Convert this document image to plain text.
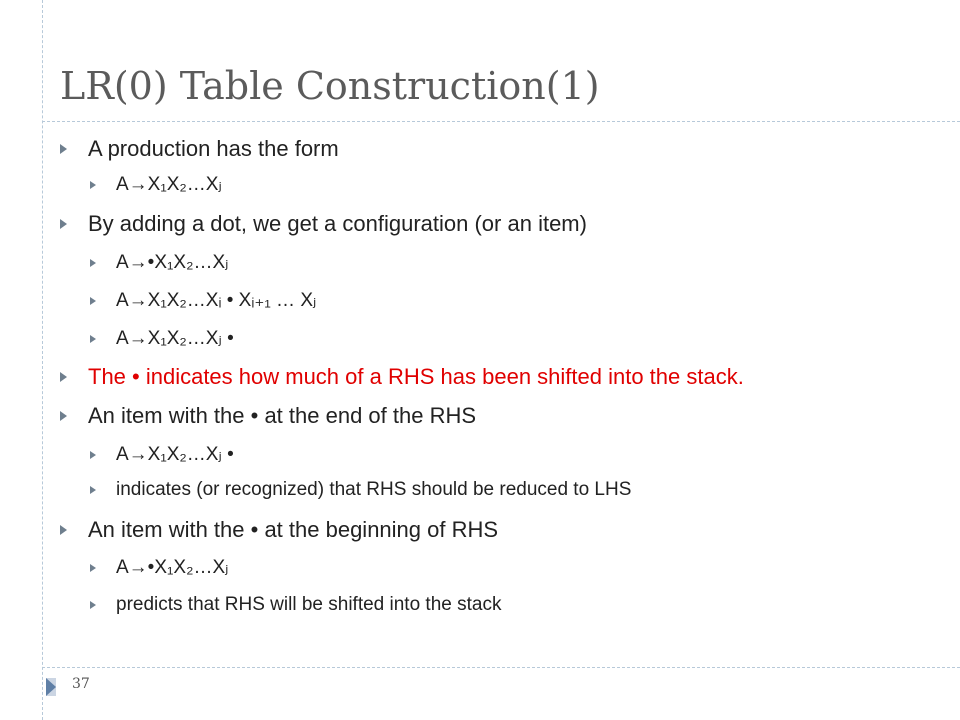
LR(0) Table Construction(1)
A production has the form
A→X₁X₂…Xⱼ
By adding a dot, we get a configuration (or an item)
A→•X₁X₂…Xⱼ
A→X₁X₂…Xᵢ • Xᵢ₊₁ … Xⱼ
A→X₁X₂…Xⱼ •
The • indicates how much of a RHS has been shifted into the stack.
An item with the • at the end of the RHS
A→X₁X₂…Xⱼ •
indicates (or recognized) that RHS should be reduced to LHS
An item with the • at the beginning of RHS
A→•X₁X₂…Xⱼ
predicts that RHS will be shifted into the stack
37
